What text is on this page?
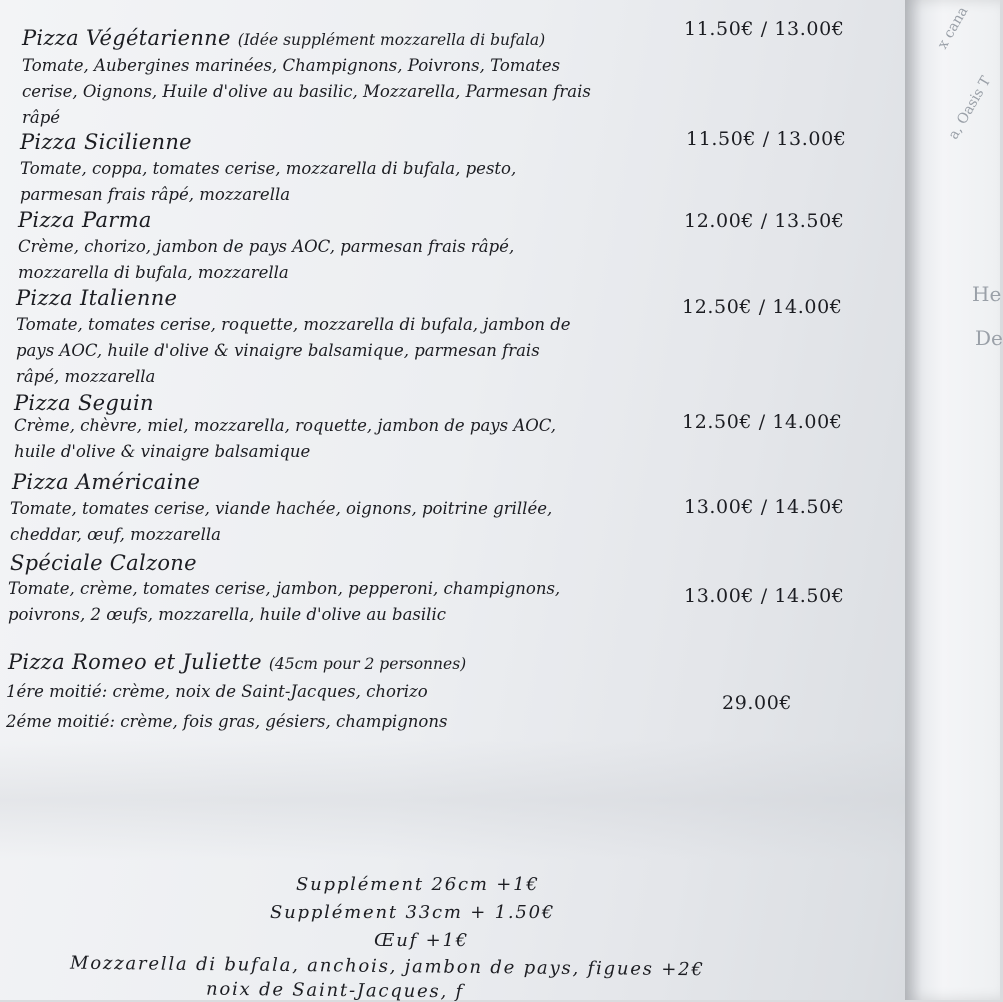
x cana
a, Oasis T
He
De
Pizza Végétarienne (Idée supplément mozzarella di bufala)
Tomate, Aubergines marinées, Champignons, Poivrons, Tomates
cerise, Oignons, Huile d'olive au basilic, Mozzarella, Parmesan frais
râpé
11.50€ / 13.00€
Pizza Sicilienne
Tomate, coppa, tomates cerise, mozzarella di bufala, pesto,
parmesan frais râpé, mozzarella
11.50€ / 13.00€
Pizza Parma
Crème, chorizo, jambon de pays AOC, parmesan frais râpé,
mozzarella di bufala, mozzarella
12.00€ / 13.50€
Pizza Italienne
Tomate, tomates cerise, roquette, mozzarella di bufala, jambon de
pays AOC, huile d'olive & vinaigre balsamique, parmesan frais
râpé, mozzarella
12.50€ / 14.00€
Pizza Seguin
Crème, chèvre, miel, mozzarella, roquette, jambon de pays AOC,
huile d'olive & vinaigre balsamique
12.50€ / 14.00€
Pizza Américaine
Tomate, tomates cerise, viande hachée, oignons, poitrine grillée,
cheddar, œuf, mozzarella
13.00€ / 14.50€
Spéciale Calzone
Tomate, crème, tomates cerise, jambon, pepperoni, champignons,
poivrons, 2 œufs, mozzarella, huile d'olive au basilic
13.00€ / 14.50€
Pizza Romeo et Juliette (45cm pour 2 personnes)
1ére moitié: crème, noix de Saint-Jacques, chorizo
2éme moitié: crème, fois gras, gésiers, champignons
29.00€
Supplément 26cm +1€
Supplément 33cm + 1.50€
Œuf +1€
Mozzarella di bufala, anchois, jambon de pays, figues +2€
noix de Saint-Jacques, f
